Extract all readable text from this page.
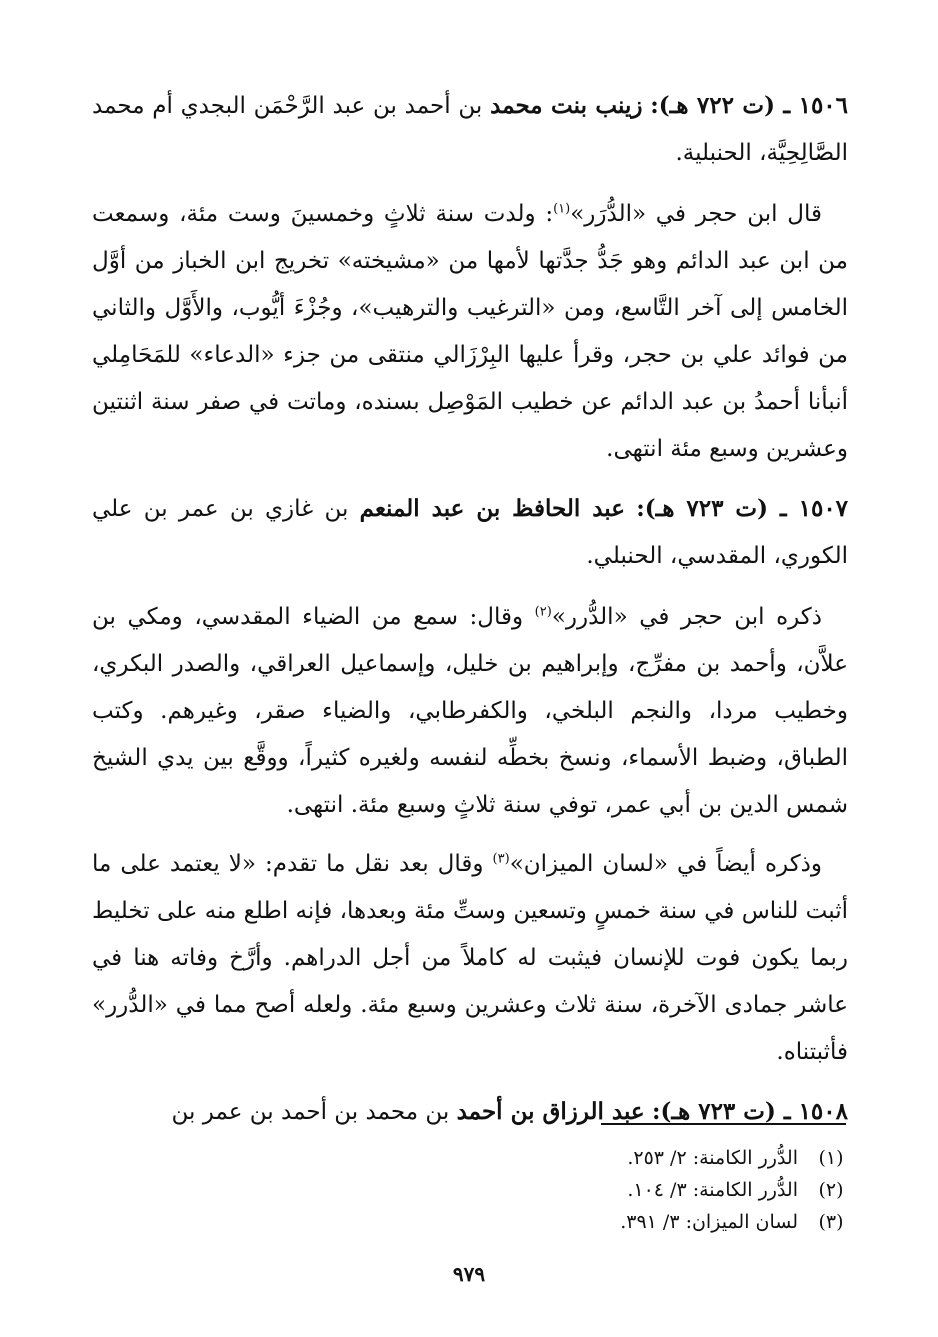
١٥٠٦ ـ (ت ٧٢٢ هـ): زينب بنت محمد بن أحمد بن عبد الرَّحْمَن البجدي أم محمد الصَّالِحِيَّة، الحنبلية.

قال ابن حجر في «الدُّرَر»$^{(١)}$: ولدت سنة ثلاثٍ وخمسينَ وست مئة، وسمعت من ابن عبد الدائم وهو جَدُّ جدَّتها لأمها من «مشيخته» تخريج ابن الخباز من أوَّل الخامس إلى آخر التَّاسع، ومن «الترغيب والترهيب»، وجُزْءَ أيُّوب، والأَوَّل والثاني من فوائد علي بن حجر، وقرأ عليها البِرْزَالي منتقى من جزء «الدعاء» للمَحَامِلي أنبأنا أحمدُ بن عبد الدائم عن خطيب المَوْصِل بسنده، وماتت في صفر سنة اثنتين وعشرين وسبع مئة انتهى.

١٥٠٧ ـ (ت ٧٢٣ هـ): عبد الحافظ بن عبد المنعم بن غازي بن عمر بن علي الكوري، المقدسي، الحنبلي.

ذكره ابن حجر في «الدُّرر»$^{(٢)}$ وقال: سمع من الضياء المقدسي، ومكي بن علاَّن، وأحمد بن مفرِّج، وإبراهيم بن خليل، وإسماعيل العراقي، والصدر البكري، وخطيب مردا، والنجم البلخي، والكفرطابي، والضياء صقر، وغيرهم. وكتب الطباق، وضبط الأسماء، ونسخ بخطِّه لنفسه ولغيره كثيراً، ووقَّع بين يدي الشيخ شمس الدين بن أبي عمر، توفي سنة ثلاثٍ وسبع مئة. انتهى.

وذكره أيضاً في «لسان الميزان»$^{(٣)}$ وقال بعد نقل ما تقدم: «لا يعتمد على ما أثبت للناس في سنة خمسٍ وتسعين وستِّ مئة وبعدها، فإنه اطلع منه على تخليط ربما يكون فوت للإنسان فيثبت له كاملاً من أجل الدراهم. وأرَّخ وفاته هنا في عاشر جمادى الآخرة، سنة ثلاث وعشرين وسبع مئة. ولعله أصح مما في «الدُّرر» فأثبتناه.

١٥٠٨ ـ (ت ٧٢٣ هـ): عبد الرزاق بن أحمد بن محمد بن أحمد بن عمر بن

(١)
الدُّرر الكامنة: ٢/ ٢٥٣.
(٢)
الدُّرر الكامنة: ٣/ ١٠٤.
(٣)
لسان الميزان: ٣/ ٣٩١.
٩٧٩
